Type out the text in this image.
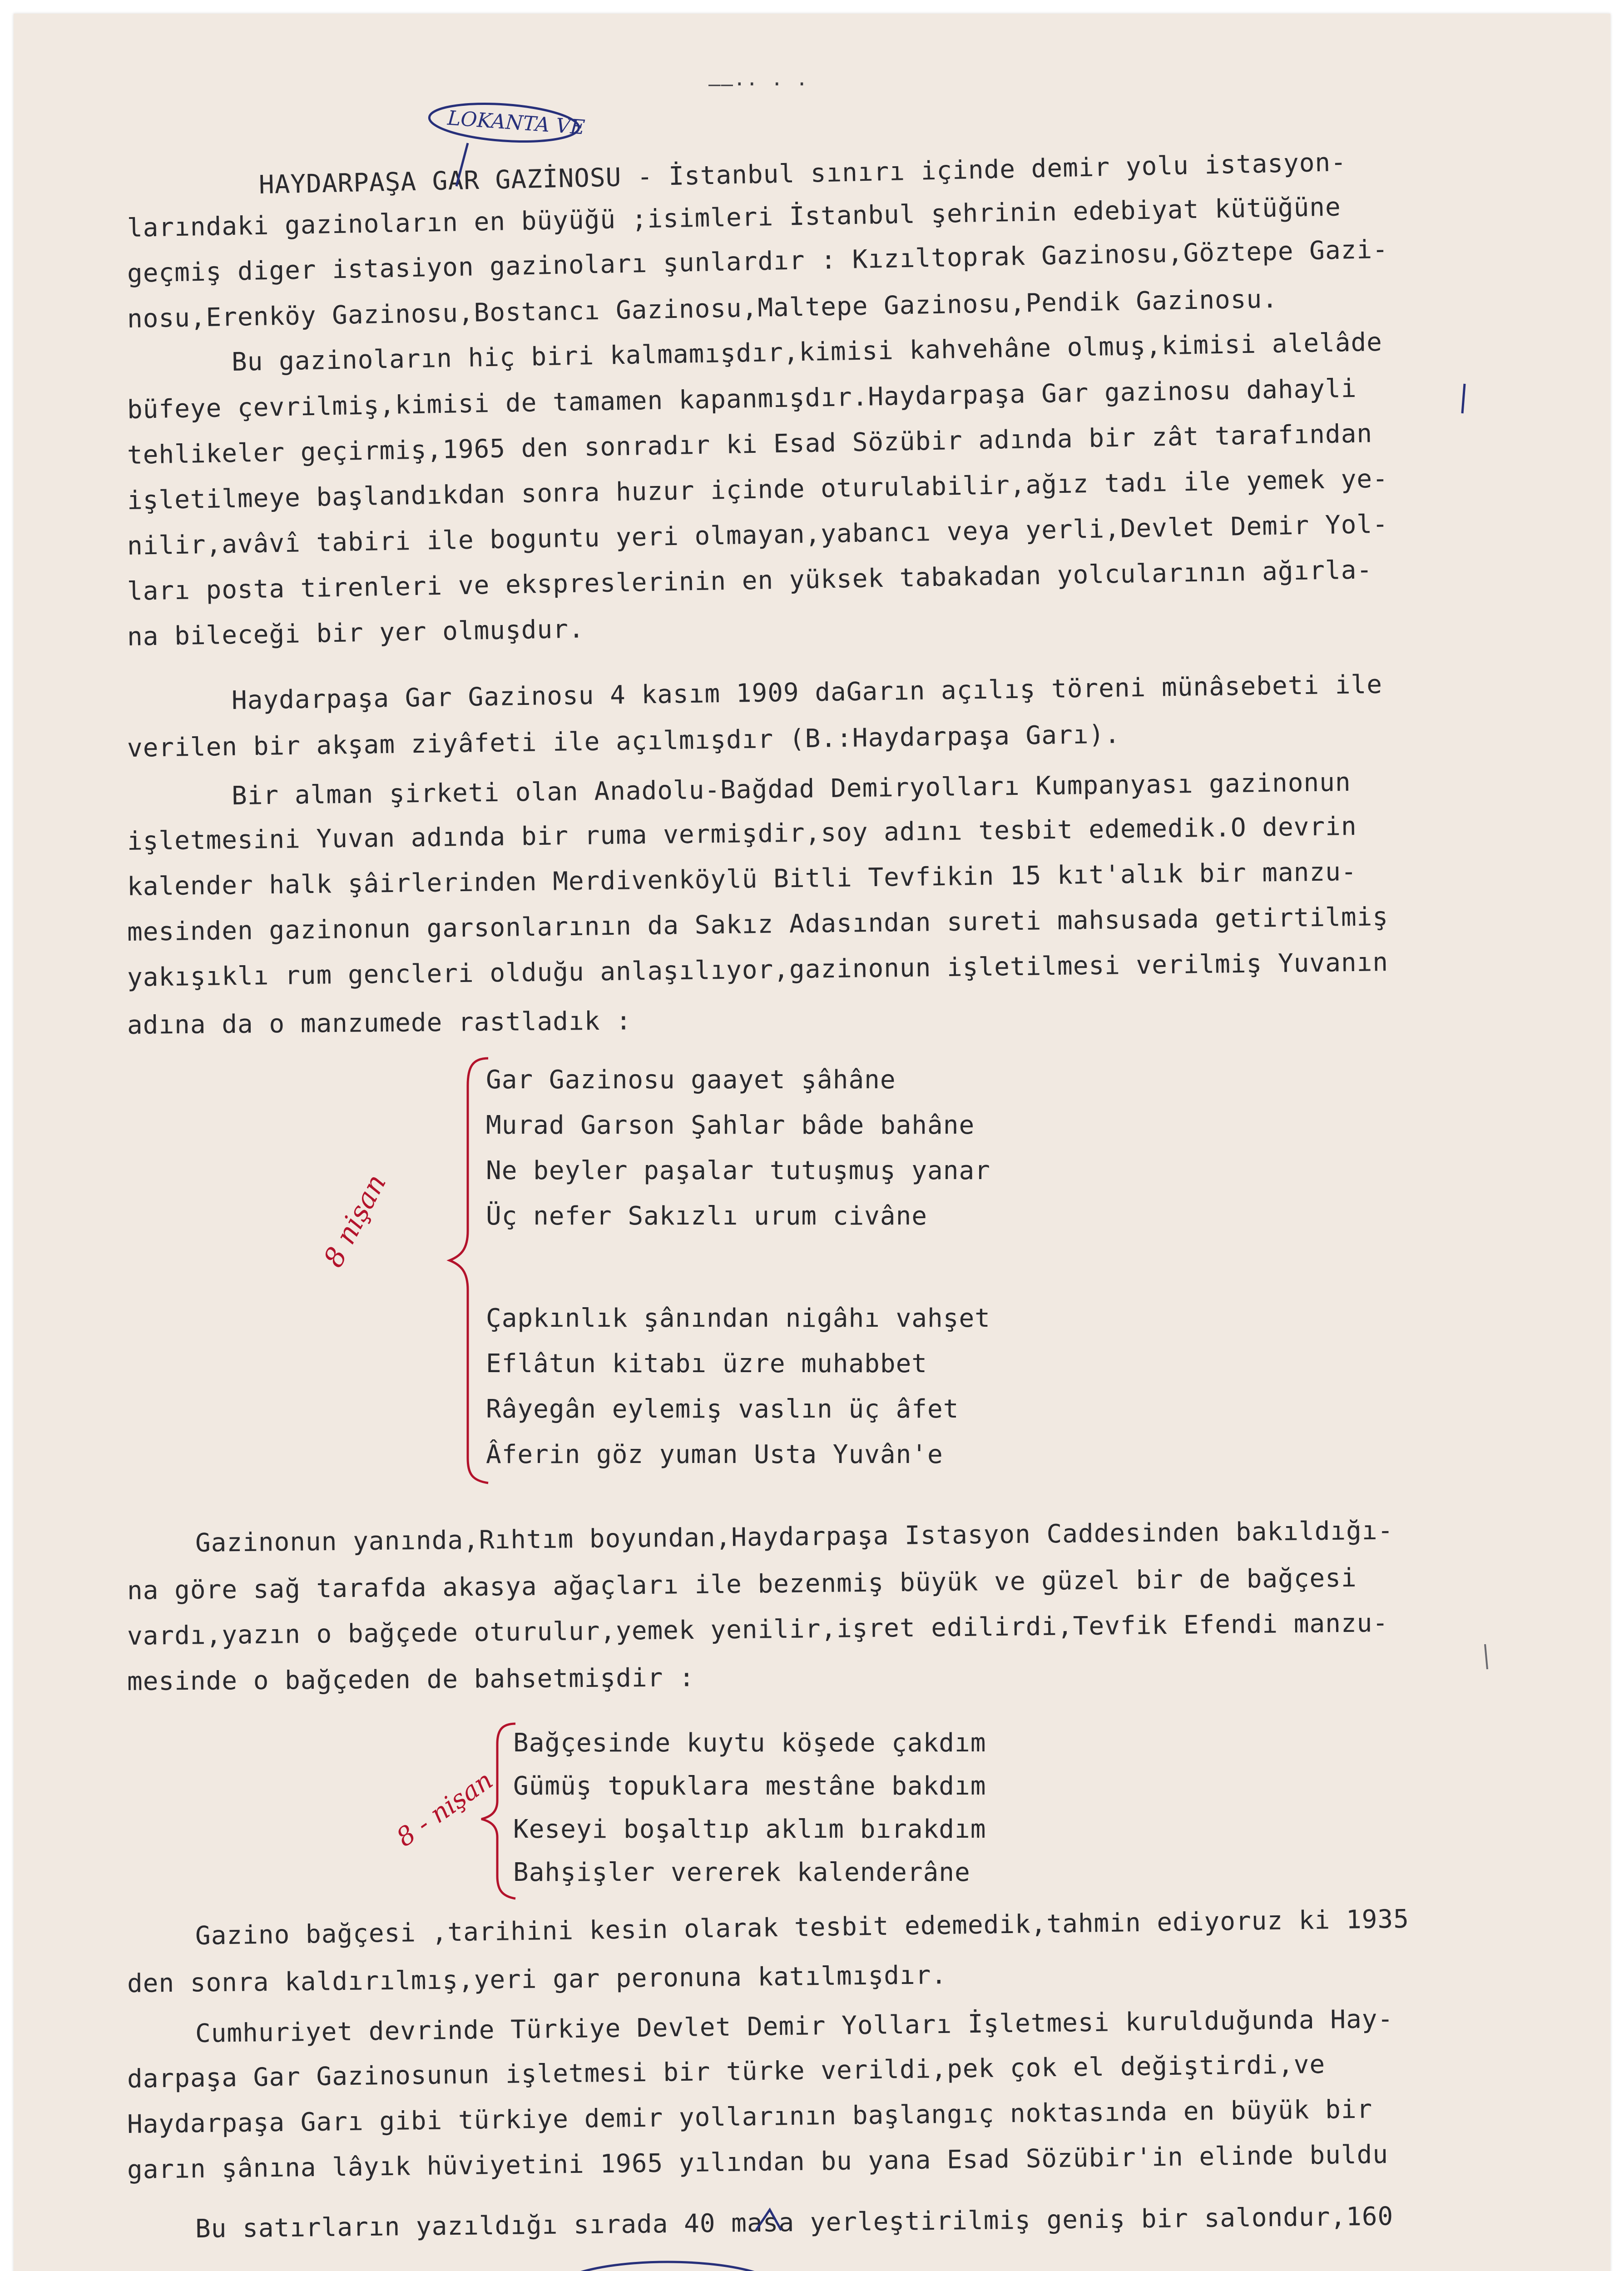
——·· · ·
LOKANTA VE
HAYDARPAŞA GAR GAZİNOSU - İstanbul sınırı içinde demir yolu istasyon-
larındaki gazinoların en büyüğü ;isimleri İstanbul şehrinin edebiyat kütüğüne
geçmiş diger istasiyon gazinoları şunlardır : Kızıltoprak Gazinosu,Göztepe Gazi-
nosu,Erenköy Gazinosu,Bostancı Gazinosu,Maltepe Gazinosu,Pendik Gazinosu.
Bu gazinoların hiç biri kalmamışdır,kimisi kahvehâne olmuş,kimisi alelâde
büfeye çevrilmiş,kimisi de tamamen kapanmışdır.Haydarpaşa Gar gazinosu dahayli
tehlikeler geçirmiş,1965 den sonradır ki Esad Sözübir adında bir zât tarafından
işletilmeye başlandıkdan sonra huzur içinde oturulabilir,ağız tadı ile yemek ye-
nilir,avâvî tabiri ile boguntu yeri olmayan,yabancı veya yerli,Devlet Demir Yol-
ları posta tirenleri ve ekspreslerinin en yüksek tabakadan yolcularının ağırla-
na bileceği bir yer olmuşdur.
Haydarpaşa Gar Gazinosu 4 kasım 1909 daGarın açılış töreni münâsebeti ile
verilen bir akşam ziyâfeti ile açılmışdır (B.:Haydarpaşa Garı).
Bir alman şirketi olan Anadolu-Bağdad Demiryolları Kumpanyası gazinonun
işletmesini Yuvan adında bir ruma vermişdir,soy adını tesbit edemedik.O devrin
kalender halk şâirlerinden Merdivenköylü Bitli Tevfikin 15 kıt'alık bir manzu-
mesinden gazinonun garsonlarının da Sakız Adasından sureti mahsusada getirtilmiş
yakışıklı rum gencleri olduğu anlaşılıyor,gazinonun işletilmesi verilmiş Yuvanın
adına da o manzumede rastladık :
Gar Gazinosu gaayet şâhâne
Murad Garson Şahlar bâde bahâne
Ne beyler paşalar tutuşmuş yanar
Üç nefer Sakızlı urum civâne
Çapkınlık şânından nigâhı vahşet
Eflâtun kitabı üzre muhabbet
Râyegân eylemiş vaslın üç âfet
Âferin göz yuman Usta Yuvân'e
8 nişan
Gazinonun yanında,Rıhtım boyundan,Haydarpaşa Istasyon Caddesinden bakıldığı-
na göre sağ tarafda akasya ağaçları ile bezenmiş büyük ve güzel bir de bağçesi
vardı,yazın o bağçede oturulur,yemek yenilir,işret edilirdi,Tevfik Efendi manzu-
mesinde o bağçeden de bahsetmişdir :
Bağçesinde kuytu köşede çakdım
Gümüş topuklara mestâne bakdım
Keseyi boşaltıp aklım bırakdım
Bahşişler vererek kalenderâne
8 - nişan
Gazino bağçesi ,tarihini kesin olarak tesbit edemedik,tahmin ediyoruz ki 1935
den sonra kaldırılmış,yeri gar peronuna katılmışdır.
Cumhuriyet devrinde Türkiye Devlet Demir Yolları İşletmesi kurulduğunda Hay-
darpaşa Gar Gazinosunun işletmesi bir türke verildi,pek çok el değiştirdi,ve
Haydarpaşa Garı gibi türkiye demir yollarının başlangıç noktasında en büyük bir
garın şânına lâyık hüviyetini 1965 yılından bu yana Esad Sözübir'in elinde buldu
Bu satırların yazıldığı sırada 40 masa yerleştirilmiş geniş bir salondur,160
